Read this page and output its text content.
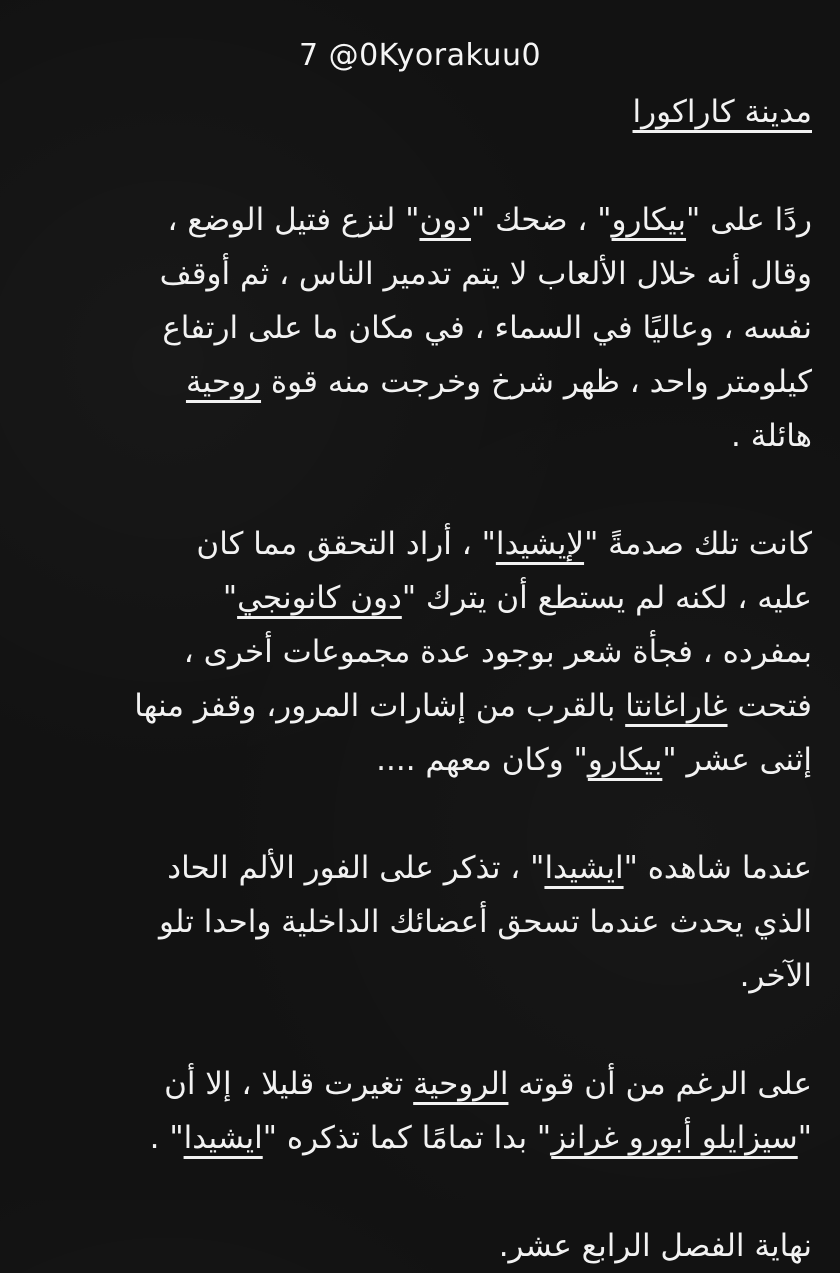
7 @0Kyorakuu0
مدينة كاراكورا
ردًا على "بيكارو" ، ضحك "دون" لنزع فتيل الوضع ،
وقال أنه خلال الألعاب لا يتم تدمير الناس ، ثم أوقف
نفسه ، وعاليًا في السماء ، في مكان ما على ارتفاع
كيلومتر واحد ، ظهر شرخ وخرجت منه قوة روحية
هائلة .
كانت تلك صدمةً "لإيشيدا" ، أراد التحقق مما كان
عليه ، لكنه لم يستطع أن يترك "دون كانونجي"
بمفرده ، فجأة شعر بوجود عدة مجموعات أخرى ،
فتحت غاراغانتا بالقرب من إشارات المرور، وقفز منها
إثنى عشر "بيكارو" وكان معهم ....
عندما شاهده "ايشيدا" ، تذكر على الفور الألم الحاد
الذي يحدث عندما تسحق أعضائك الداخلية واحدا تلو
الآخر.
على الرغم من أن قوته الروحية تغيرت قليلا ، إلا أن
"سيزايلو أبورو غرانز" بدا تمامًا كما تذكره "ايشيدا" .
نهاية الفصل الرابع عشر.
